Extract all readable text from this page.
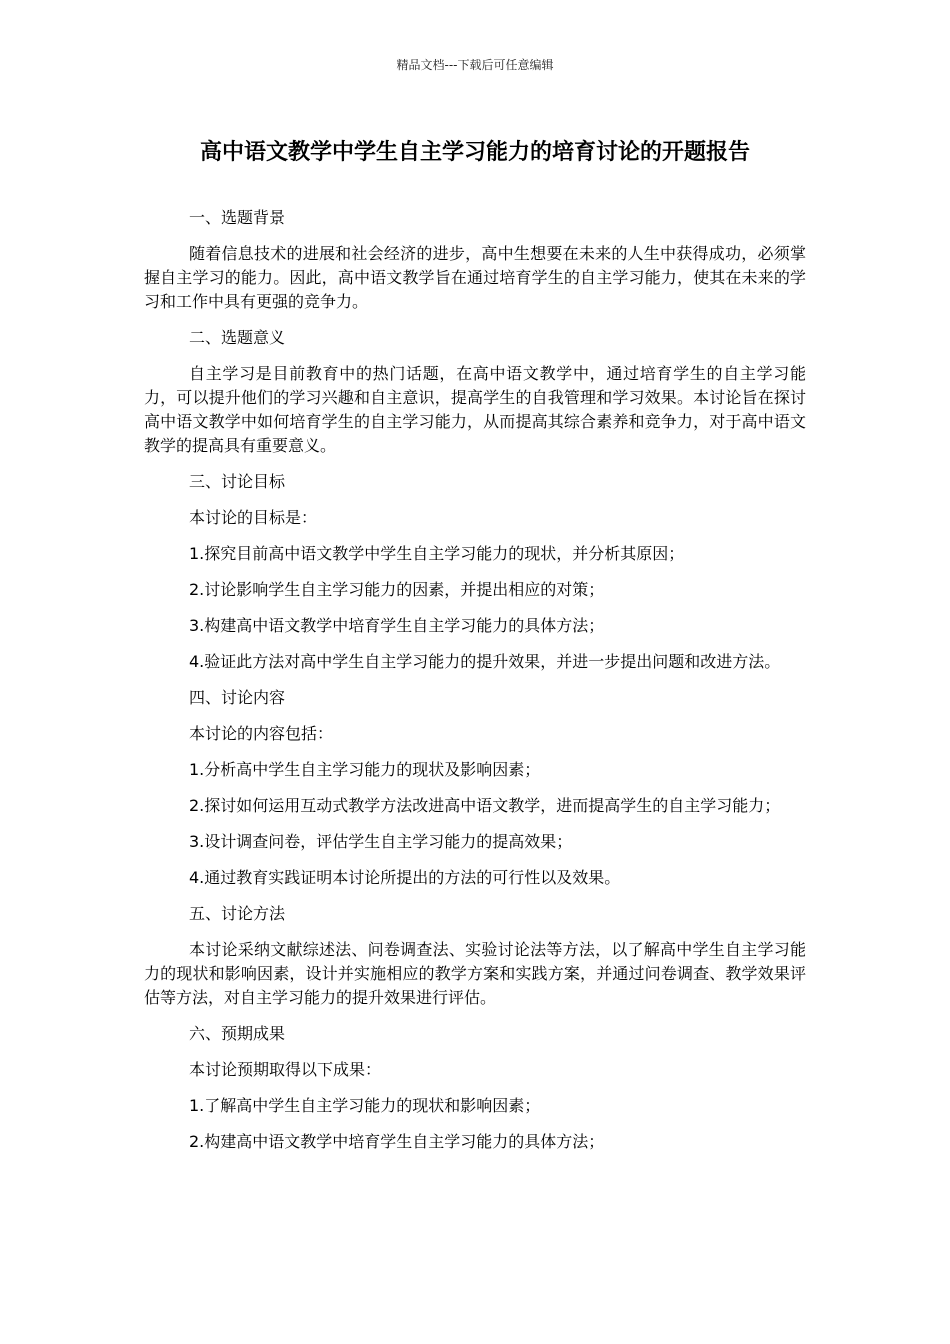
精品文档---下载后可任意编辑
高中语文教学中学生自主学习能力的培育讨论的开题报告

一、选题背景

随着信息技术的进展和社会经济的进步，高中生想要在未来的人生中获得成功，必须掌握自主学习的能力。因此，高中语文教学旨在通过培育学生的自主学习能力，使其在未来的学习和工作中具有更强的竞争力。

二、选题意义

自主学习是目前教育中的热门话题，在高中语文教学中，通过培育学生的自主学习能力，可以提升他们的学习兴趣和自主意识，提高学生的自我管理和学习效果。本讨论旨在探讨高中语文教学中如何培育学生的自主学习能力，从而提高其综合素养和竞争力，对于高中语文教学的提高具有重要意义。

三、讨论目标

本讨论的目标是：

1.探究目前高中语文教学中学生自主学习能力的现状，并分析其原因；

2.讨论影响学生自主学习能力的因素，并提出相应的对策；

3.构建高中语文教学中培育学生自主学习能力的具体方法；

4.验证此方法对高中学生自主学习能力的提升效果，并进一步提出问题和改进方法。

四、讨论内容

本讨论的内容包括：

1.分析高中学生自主学习能力的现状及影响因素；

2.探讨如何运用互动式教学方法改进高中语文教学，进而提高学生的自主学习能力；

3.设计调查问卷，评估学生自主学习能力的提高效果；

4.通过教育实践证明本讨论所提出的方法的可行性以及效果。

五、讨论方法

本讨论采纳文献综述法、问卷调查法、实验讨论法等方法，以了解高中学生自主学习能力的现状和影响因素，设计并实施相应的教学方案和实践方案，并通过问卷调查、教学效果评估等方法，对自主学习能力的提升效果进行评估。

六、预期成果

本讨论预期取得以下成果：

1.了解高中学生自主学习能力的现状和影响因素；

2.构建高中语文教学中培育学生自主学习能力的具体方法；
